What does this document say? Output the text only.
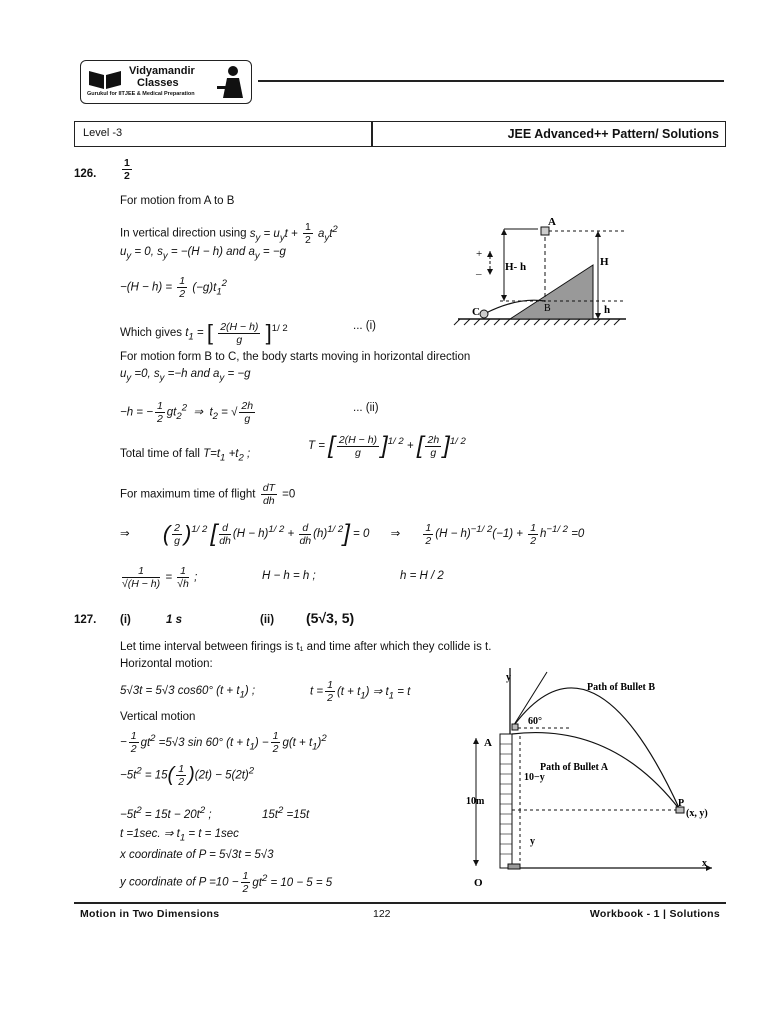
Vidyamandir
Classes
Gurukul for IITJEE & Medical Preparation
Level -3	JEE Advanced++ Pattern/ Solutions
126. $\frac{1}{2}$
For motion from A to B
In vertical direction using $s_y = u_yt + \frac{1}{2} a_yt^2$
$u_y = 0$, $s_y = -(H - h)$ and $a_y = -g$
$-(H - h) = \frac{1}{2} (-g)t_1^2$
Which gives $t_1$ = [ $\frac{2(H - h)}{g} ]^{1/ 2}$	... (i)
For motion form B to C, the body starts moving in horizontal direction
$u_y =0$, $s_y =-h$ and $a_y = -g$
−h = − $\frac{1}{2} gt_2^2$  ⇒  $t_2$ = √ $\frac{2h}{g}$	... (ii)
Total time of fall $T=t_1 +t_2$ ;
T = [ $\frac{2(H - h)}{g} ]^{1/ 2}$ + [ $\frac{2h}{g} ]^{1/ 2}$
For maximum time of flight $\frac{dT}{dh} =0$
⇒ ( $\frac{2}{g} )^{1/ 2}$ [ $\frac{d}{dh} (H - h)^{1/ 2} + \frac{d}{dh} (h)^{1/ 2}] = 0$ ⇒ $\frac{1}{2} (H - h)^{-1/ 2}(-1) + \frac{1}{2} h^{-1/ 2} =0$
$\frac{1}{√(H - h)} = \frac{1}{√h}$ ;	H − h = h ;	h = H / 2
A
B
C
H- h	H
h
+
–
127. (i)	1 s	(ii) (5√3, 5)
Let time interval between firings is t₁ and time after which they collide is t.
Horizontal motion:
5√3t = 5√3 cos60° $(t + t_1)$ ;	$t = \frac{1}{2} (t + t_1)$ ⇒ $t_1 = t$
Vertical motion
− $\frac{1}{2} gt^2 =5√3$ sin 60° $(t + t_1) - \frac{1}{2} g(t + t_1)^2$
$-5t^2 = 15( \frac{1}{2} )(2t) - 5(2t)^2$
$-5t^2 = 15t - 20t^2$ ;	$15t^2 =15t$
t =1sec. ⇒ $t_1 = t = 1\sec$
x coordinate of P = 5√3t = 5√3
y coordinate of $P =10 - \frac{1}{2} gt^2 = 10 - 5 = 5$
Path of Bullet B
Path of Bullet A
60°
A
10m
10−y
y
O
P
(x, y)
y
x
Motion in Two Dimensions	122	Workbook - 1 | Solutions
